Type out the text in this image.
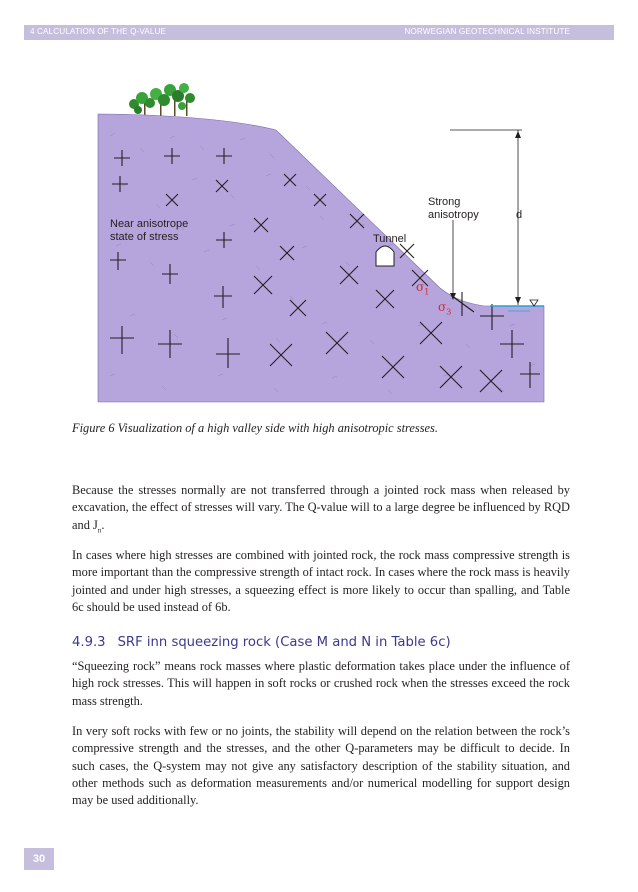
4 CALCULATION OF THE Q-VALUE	NORWEGIAN GEOTECHNICAL INSTITUTE
Near anisotrope
state of stress
Strong
anisotropy
Tunnel
d
$\sigma_1$
$\sigma_3$
Figure 6 Visualization of a high valley side with high anisotropic stresses.

Because the stresses normally are not transferred through a jointed rock mass when released by excavation, the effect of stresses will vary. The Q-value will to a large degree be influenced by RQD and $J_n$.

In cases where high stresses are combined with jointed rock, the rock mass compressive strength is more important than the compressive strength of intact rock. In cases where the rock mass is heavily jointed and under high stresses, a squeezing effect is more likely to occur than spalling, and Table 6c should be used instead of 6b.

4.9.3 SRF inn squeezing rock (Case M and N in Table 6c)

“Squeezing rock” means rock masses where plastic deformation takes place under the influence of high rock stresses. This will happen in soft rocks or crushed rock when the stresses exceed the rock mass strength.

In very soft rocks with few or no joints, the stability will depend on the relation between the rock’s compressive strength and the stresses, and the other Q-parameters may be difficult to decide. In such cases, the Q-system may not give any satisfactory description of the stability situation, and other methods such as deformation measurements and/or numerical modelling for support design may be used additionally.

30
